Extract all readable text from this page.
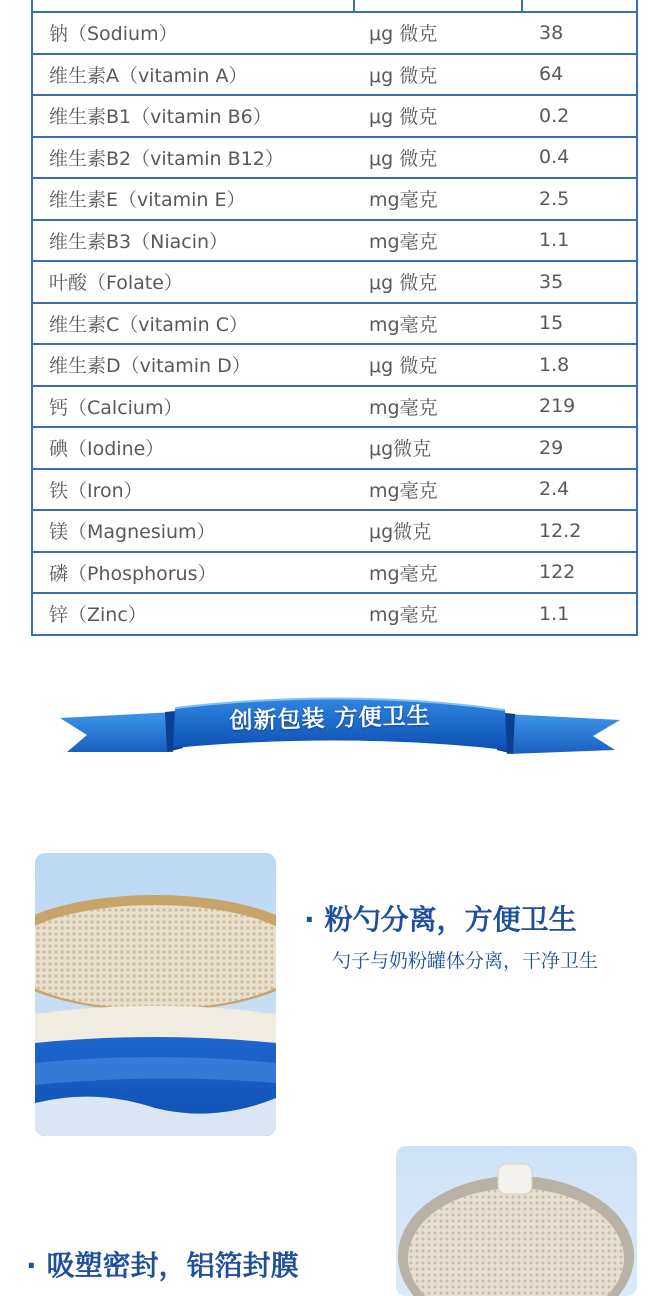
钠（Sodium）	μg 微克	38
维生素A（vitamin A）	μg 微克	64
维生素B1（vitamin B6）	μg 微克	0.2
维生素B2（vitamin B12）	μg 微克	0.4
维生素E（vitamin E）	mg毫克	2.5
维生素B3（Niacin）	mg毫克	1.1
叶酸（Folate）	μg 微克	35
维生素C（vitamin C）	mg毫克	15
维生素D（vitamin D）	μg 微克	1.8
钙（Calcium）	mg毫克	219
碘（Iodine）	μg微克	29
铁（Iron）	mg毫克	2.4
镁（Magnesium）	μg微克	12.2
磷（Phosphorus）	mg毫克	122
锌（Zinc）	mg毫克	1.1
创新包装 方便卫生
· 粉勺分离，方便卫生
勺子与奶粉罐体分离，干净卫生
· 吸塑密封，铝箔封膜
